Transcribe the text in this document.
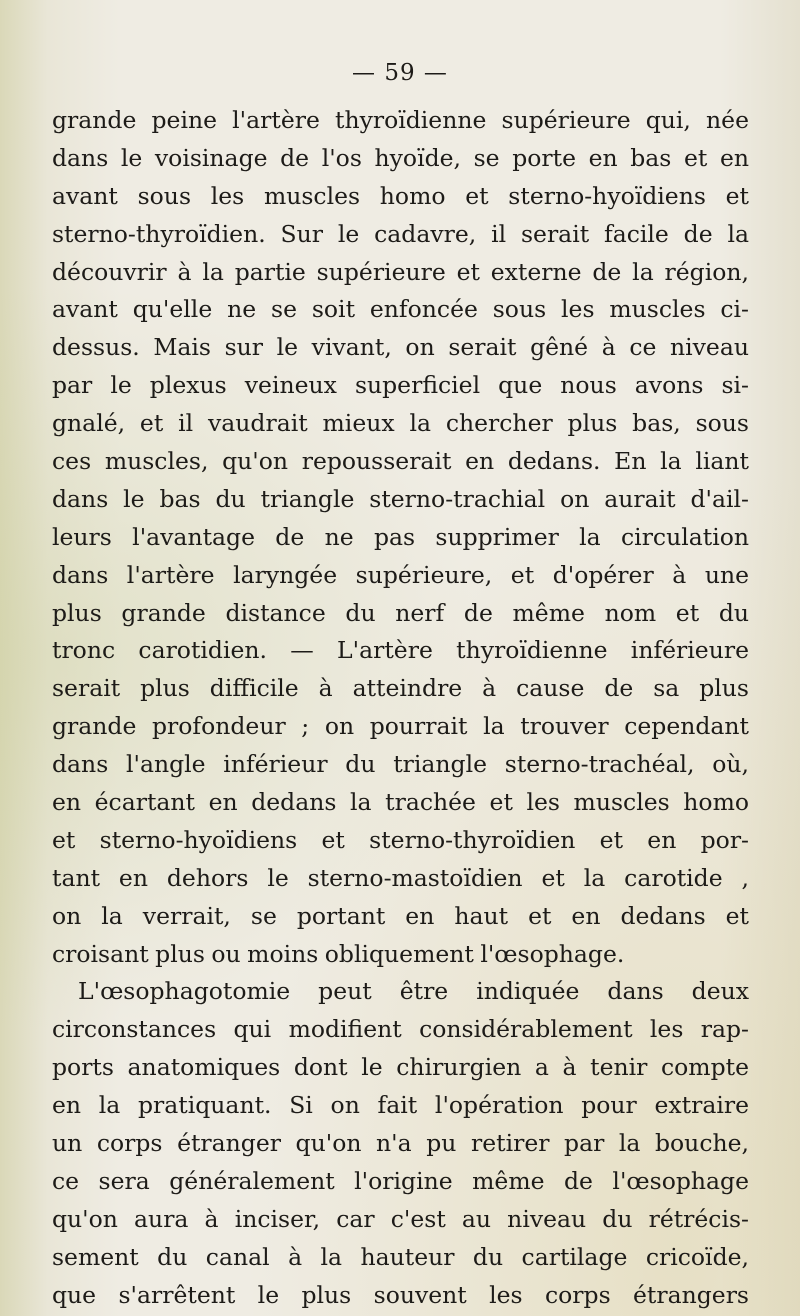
— 59 —
grande peine l'artère thyroïdienne supérieure qui, née
dans le voisinage de l'os hyoïde, se porte en bas et en
avant sous les muscles homo et sterno-hyoïdiens et
sterno-thyroïdien. Sur le cadavre, il serait facile de la
découvrir à la partie supérieure et externe de la région,
avant qu'elle ne se soit enfoncée sous les muscles ci-
dessus. Mais sur le vivant, on serait gêné à ce niveau
par le plexus veineux superficiel que nous avons si-
gnalé, et il vaudrait mieux la chercher plus bas, sous
ces muscles, qu'on repousserait en dedans. En la liant
dans le bas du triangle sterno-trachial on aurait d'ail-
leurs l'avantage de ne pas supprimer la circulation
dans l'artère laryngée supérieure, et d'opérer à une
plus grande distance du nerf de même nom et du
tronc carotidien. — L'artère thyroïdienne inférieure
serait plus difficile à atteindre à cause de sa plus
grande profondeur ; on pourrait la trouver cependant
dans l'angle inférieur du triangle sterno-trachéal, où,
en écartant en dedans la trachée et les muscles homo
et sterno-hyoïdiens et sterno-thyroïdien et en por-
tant en dehors le sterno-mastoïdien et la carotide ,
on la verrait, se portant en haut et en dedans et
croisant plus ou moins obliquement l'œsophage.
L'œsophagotomie peut être indiquée dans deux
circonstances qui modifient considérablement les rap-
ports anatomiques dont le chirurgien a à tenir compte
en la pratiquant. Si on fait l'opération pour extraire
un corps étranger qu'on n'a pu retirer par la bouche,
ce sera généralement l'origine même de l'œsophage
qu'on aura à inciser, car c'est au niveau du rétrécis-
sement du canal à la hauteur du cartilage cricoïde,
que s'arrêtent le plus souvent les corps étrangers
